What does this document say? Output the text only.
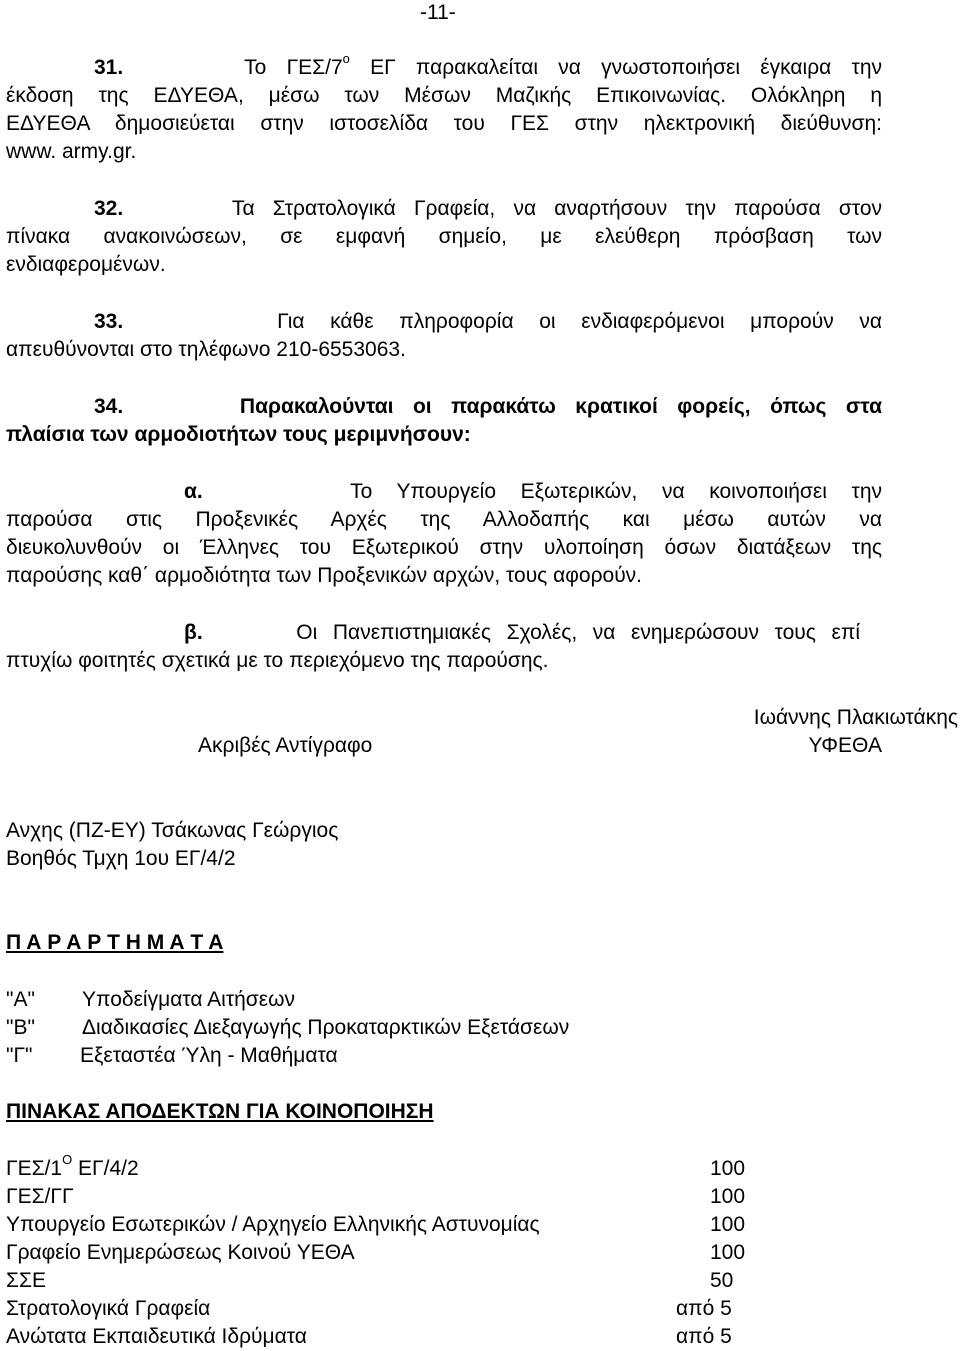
-11-
31.	Το ΓΕΣ/$7^o$ ΕΓ παρακαλείται να γνωστοποιήσει έγκαιρα την
έκδοση της ΕΔΥΕΘΑ, μέσω των Μέσων Μαζικής Επικοινωνίας. Ολόκληρη η
ΕΔΥΕΘΑ δημοσιεύεται στην ιστοσελίδα του ΓΕΣ στην ηλεκτρονική διεύθυνση:
www. army.gr.
32.	Τα Στρατολογικά Γραφεία, να αναρτήσουν την παρούσα στον
πίνακα ανακοινώσεων, σε εμφανή σημείο, με ελεύθερη πρόσβαση των
ενδιαφερομένων.
33.	Για κάθε πληροφορία οι ενδιαφερόμενοι μπορούν να
απευθύνονται στο τηλέφωνο 210-6553063.
34.	Παρακαλούνται οι παρακάτω κρατικοί φορείς, όπως στα
πλαίσια των αρμοδιοτήτων τους μεριμνήσουν:
α.	Το Υπουργείο Εξωτερικών, να κοινοποιήσει την
παρούσα στις Προξενικές Αρχές της Αλλοδαπής και μέσω αυτών να
διευκολυνθούν οι Έλληνες του Εξωτερικού στην υλοποίηση όσων διατάξεων της
παρούσης καθ΄ αρμοδιότητα των Προξενικών αρχών, τους αφορούν.
β.	Οι Πανεπιστημιακές Σχολές, να ενημερώσουν τους επί
πτυχίω φοιτητές σχετικά με το περιεχόμενο της παρούσης.
Ιωάννης Πλακιωτάκης
Ακριβές Αντίγραφο	ΥΦΕΘΑ
Ανχης (ΠΖ-ΕΥ) Τσάκωνας Γεώργιος
Βοηθός Τμχη 1ου ΕΓ/4/2
Π Α Ρ Α Ρ Τ Η Μ Α Τ Α
"Α" Υποδείγματα Αιτήσεων
"Β" Διαδικασίες Διεξαγωγής Προκαταρκτικών Εξετάσεων
"Γ" Εξεταστέα Ύλη - Μαθήματα
ΠΙΝΑΚΑΣ ΑΠΟΔΕΚΤΩΝ ΓΙΑ ΚΟΙΝΟΠΟΙΗΣΗ
ΓΕΣ/$1^O$ ΕΓ/4/2	100
ΓΕΣ/ΓΓ	100
Υπουργείο Εσωτερικών / Αρχηγείο Ελληνικής Αστυνομίας	100
Γραφείο Ενημερώσεως Κοινού ΥΕΘΑ	100
ΣΣΕ	50
Στρατολογικά Γραφεία	από 5
Ανώτατα Εκπαιδευτικά Ιδρύματα	από 5
